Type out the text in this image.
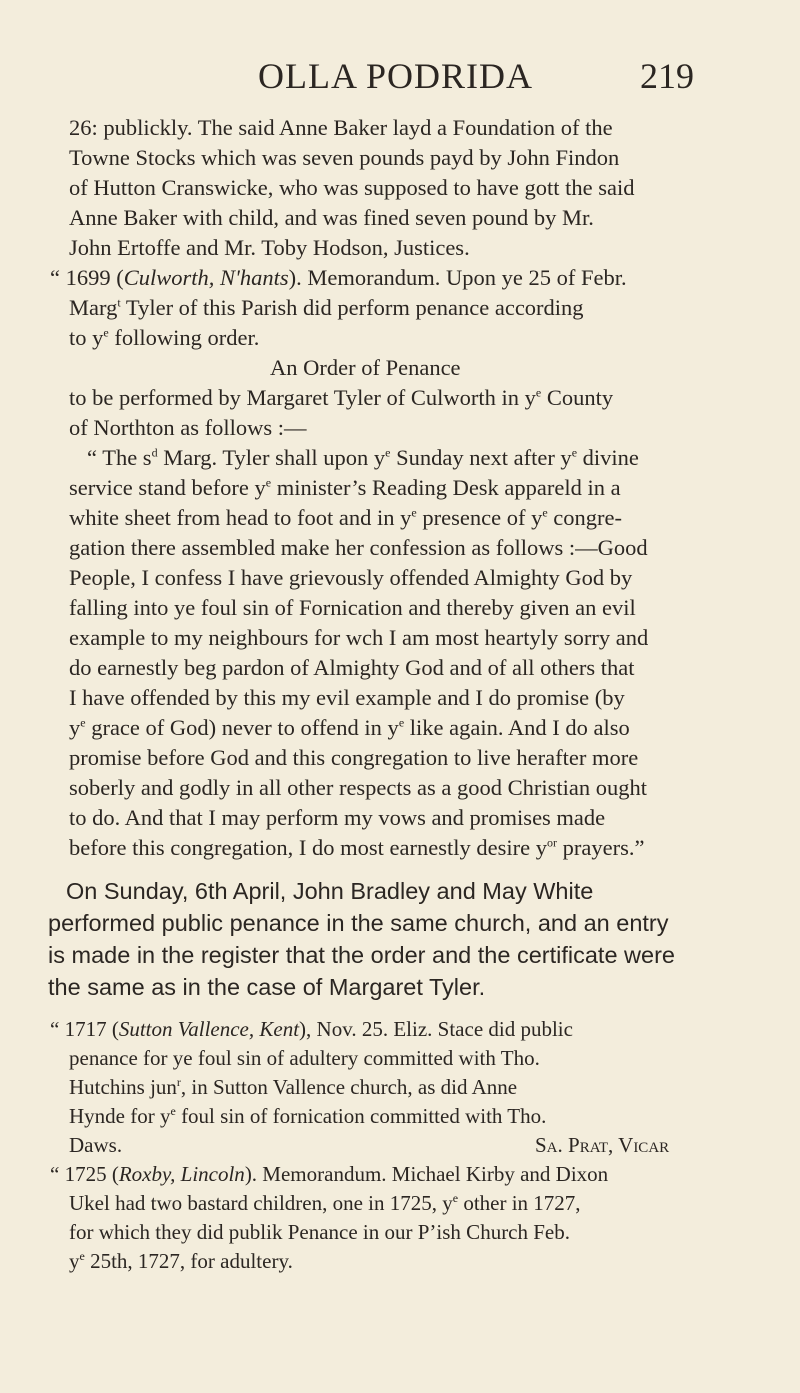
OLLA PODRIDA	219
26: publickly. The said Anne Baker layd a Foundation of the
Towne Stocks which was seven pounds payd by John Findon
of Hutton Cranswicke, who was supposed to have gott the said
Anne Baker with child, and was fined seven pound by Mr.
John Ertoffe and Mr. Toby Hodson, Justices.
“ 1699 (Culworth, N'hants). Memorandum. Upon ye 25 of Febr.
Marg$^t$ Tyler of this Parish did perform penance according
to $y^e$ following order.
An Order of Penance
to be performed by Margaret Tyler of Culworth in $y^e$ County
of Northton as follows :—
“ The $s^d$ Marg. Tyler shall upon $y^e$ Sunday next after $y^e$ divine
service stand before $y^e$ minister’s Reading Desk appareld in a
white sheet from head to foot and in $y^e$ presence of $y^e$ congre-
gation there assembled make her confession as follows :—Good
People, I confess I have grievously offended Almighty God by
falling into ye foul sin of Fornication and thereby given an evil
example to my neighbours for wch I am most heartyly sorry and
do earnestly beg pardon of Almighty God and of all others that
I have offended by this my evil example and I do promise (by
$y^e$ grace of God) never to offend in $y^e$ like again. And I do also
promise before God and this congregation to live herafter more
soberly and godly in all other respects as a good Christian ought
to do. And that I may perform my vows and promises made
before this congregation, I do most earnestly desire $y^{or}$ prayers.”
On Sunday, 6th April, John Bradley and May White
performed public penance in the same church, and an entry
is made in the register that the order and the certificate were
the same as in the case of Margaret Tyler.
“ 1717 (Sutton Vallence, Kent), Nov. 25. Eliz. Stace did public
penance for ye foul sin of adultery committed with Tho.
Hutchins jun$^r$, in Sutton Vallence church, as did Anne
Hynde for $y^e$ foul sin of fornication committed with Tho.
Daws.	Sa. Prat, Vicar
“ 1725 (Roxby, Lincoln). Memorandum. Michael Kirby and Dixon
Ukel had two bastard children, one in 1725, $y^e$ other in 1727,
for which they did publik Penance in our P’ish Church Feb.
$y^e$ 25th, 1727, for adultery.
